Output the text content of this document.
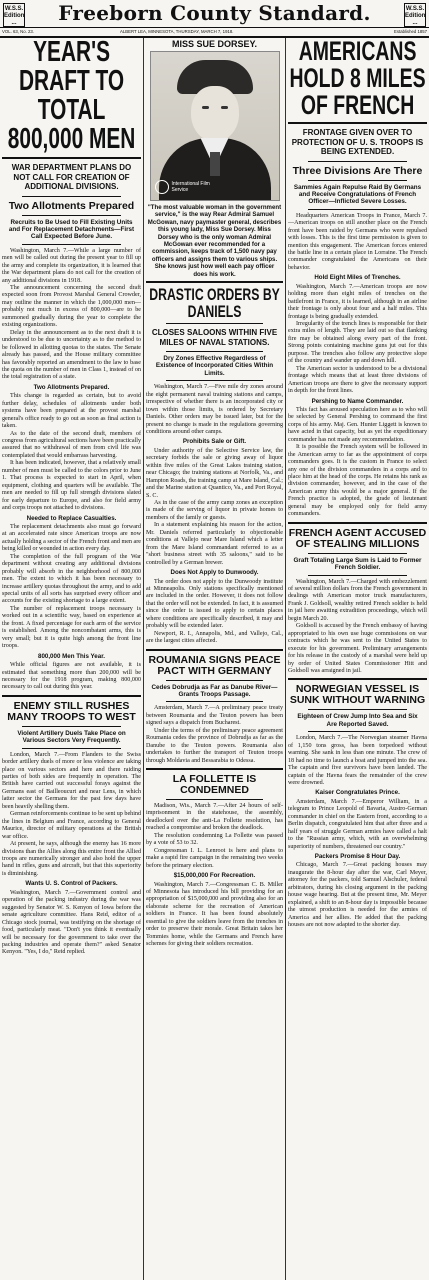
W.S.S.
Edition
...	Freeborn County Standard.	W.S.S.
Edition
...
VOL. 63, No. 23.	ALBERT LEA, MINNESOTA, THURSDAY, MARCH 7, 1918.	Established 1857
YEAR'S DRAFT TO TOTAL 800,000 MEN
WAR DEPARTMENT PLANS DO NOT CALL FOR CREATION OF ADDITIONAL DIVISIONS.
Two Allotments Prepared
Recruits to Be Used to Fill Existing Units and For Replacement Detachments—First Call Expected Before June.

Washington, March 7.—While a large number of men will be called out during the present year to fill up the army and complete its organization, it is learned that the War department plans do not call for the creation of any additional divisions in 1918.

The announcement concerning the second draft expected soon from Provost Marshal General Crowder, may outline the manner in which the 1,000,000 men—probably not much in excess of 800,000—are to be summoned gradually during the year to complete the existing organizations.

Delay in the announcement as to the next draft it is understood to be due to uncertainty as to the method to be followed in allotting quotas to the states. The Senate already has passed, and the House military committee has favorably reported an amendment to the law to base the quota on the number of men in Class 1, instead of on the total registration of a state.

Two Allotments Prepared.

This change is regarded as certain, but to avoid further delay, schedules of allotments under both systems have been prepared at the provost marshal general's office ready to go out as soon as final action is taken.

As to the date of the second draft, members of congress from agricultural sections have been practically assured that no withdrawal of men from civil life was contemplated that would embarrass harvesting.

It has been indicated, however, that a relatively small number of men must be called to the colors prior to June 1. That process is expected to start in April, when equipment, clothing and quarters will be available. The men are needed to fill up full strength divisions slated for early departure to Europe, and also for field army and corps troops not attached to divisions.

Needed to Replace Casualties.

The replacement detachments also must go forward at an accelerated rate since American troops are now actually holding a sector of the French front and men are being killed or wounded in action every day.

The completion of the full program of the War department without creating any additional divisions probably will absorb in the neighborhood of 800,000 men. The extent to which it has been necessary to increase artillery quotas throughout the army, and to add special units of all sorts has surprised every officer and accounts for the existing shortage to a large extent.

The number of replacement troops necessary is worked out in a scientific way, based on experience at the front. A fixed percentage for each arm of the service is established. Among the noncombatant arms, this is very small; but it is quite high among the front line troops.

800,000 Men This Year.

While official figures are not available, it is estimated that something more than 200,000 will be necessary for the 1918 program, making 800,000 necessary to call out during this year.

ENEMY STILL RUSHES MANY TROOPS TO WEST
Violent Artillery Duels Take Place on Various Sectors Very Frequently.

London, March 7.—From Flanders to the Swiss border artillery duels of more or less violence are taking place on various sectors and here and there raiding parties of both sides are frequently in operation. The British have carried out successful forays against the Germans east of Bailleoucurt and near Lens, in which latter sector the Germans for the past few days have been heavily shelling them.

German reinforcements continue to be sent up behind the lines in Belgium and France, according to General Maurice, director of military operations at the British war office.

At present, he says, although the enemy has 16 more divisions than the Allies along this entire front the Allied troops are numerically stronger and also hold the upper hand in rifles, guns and aircraft, but that this superiority is diminishing.

Wants U. S. Control of Packers.

Washington, March 7.—Government control and operation of the packing industry during the war was suggested by Senator W. S. Kenyon of Iowa before the senate agriculture committee. Hans Reid, editor of a Chicago stock journal, was testifying on the shortage of food, particularly meat. "Don't you think it eventually will be necessary for the government to take over the packing industries and operate them?" asked Senator Kenyon. "Yes, I do," Reid replied.

MISS SUE DORSEY.
International Film Service
"The most valuable woman in the government service," is the way Rear Admiral Samuel McGowan, navy paymaster general, describes this young lady, Miss Sue Dorsey. Miss Dorsey who is the only woman Admiral McGowan ever recommended for a commission, keeps track of 1,500 navy pay officers and assigns them to various ships. She knows just how well each pay officer does his work.
DRASTIC ORDERS BY DANIELS
CLOSES SALOONS WITHIN FIVE MILES OF NAVAL STATIONS.
Dry Zones Effective Regardless of Existence of Incorporated Cities Within Limits.

Washington, March 7.—Five mile dry zones around the eight permanent naval training stations and camps, irrespective of whether there is an incorporated city or town within those limits, is ordered by Secretary Daniels. Other orders may be issued later, but for the present no change is made in the regulations governing conditions around other camps.

Prohibits Sale or Gift.

Under authority of the Selective Service law, the secretary forbids the sale or giving away of liquor within five miles of the Great Lakes training station, near Chicago; the training stations at Norfolk, Va., and Hampton Roads, the training camp at Mare Island, Cal.; and the Marine station at Quantico, Va., and Port Royal, S. C.

As in the case of the army camp zones an exception is made of the serving of liquor in private homes to members of the family or guests.

In a statement explaining his reason for the action, Mr. Daniels referred particularly to objectionable conditions at Vallejo near Mare Island which a letter from the Mare Island commandant referred to as a "short business street with 35 saloons," said to be controlled by a German brewer.

Does Not Apply to Dunwoody.

The order does not apply to the Dunwoody institute at Minneapolis. Only stations specifically mentioned are included in the order. However, it does not follow that the order will not be extended. In fact, it is assumed since the order is issued to apply to certain places where conditions are specifically described, it may and probably will be extended later.

Newport, R. I., Annapolis, Md., and Vallejo, Cal., are the largest cities affected.

ROUMANIA SIGNS PEACE PACT WITH GERMANY
Cedes Dobrudja as Far as Danube River—Grants Troops Passage.

Amsterdam, March 7.—A preliminary peace treaty between Roumania and the Teuton powers has been signed says a dispatch from Bucharest.

Under the terms of the preliminary peace agreement Roumania cedes the province of Dobrudja as far as the Danube to the Teuton powers. Roumania also undertakes to further the transport of Teuton troops through Moldavia and Bessarabia to Odessa.

LA FOLLETTE IS CONDEMNED

Madison, Wis., March 7.—After 24 hours of self-imprisonment in the statehouse, the assembly, deadlocked over the anti-La Follette resolution, has reached a compromise and broken the deadlock.

The resolution condemning La Follette was passed by a vote of 53 to 32.

Congressman I. L. Lenroot is here and plans to make a rapid fire campaign in the remaining two weeks before the primary election.

$15,000,000 For Recreation.

Washington, March 7.—Congressman C. B. Miller of Minnesota has introduced his bill providing for an appropriation of $15,000,000 and providing also for an elaborate scheme for the recreation of American soldiers in France. It has been found absolutely essential to give the soldiers leave from the trenches in order to preserve their morale. Great Britain takes her Tommies home, while the Germans and French have schemes for giving their soldiers recreation.

AMERICANS HOLD 8 MILES OF FRENCH
FRONTAGE GIVEN OVER TO PROTECTION OF U. S. TROOPS IS BEING EXTENDED.
Three Divisions Are There
Sammies Again Repulse Raid By Germans and Receive Congratulations of French Officer—Inflicted Severe Losses.

Headquarters American Troops in France, March 7.—American troops on still another place on the French front have been raided by Germans who were repulsed with losses. This is the first time permission is given to mention this engagement. The American forces entered the battle line in a certain place in Lorraine. The French commander congratulated the Americans on their behavior.

Hold Eight Miles of Trenches.

Washington, March 7.—American troops are now holding more than eight miles of trenches on the battlefront in France, it is learned, although in an airline their frontage is only about four and a half miles. This frontage is being gradually extended.

Irregularity of the trench lines is responsible for their extra miles of length. They are laid out so that flanking fire may be obtained along every part of the front. Strong points containing machine guns jut out for this purpose. The trenches also follow any protective slope of the country and wander up and down hill.

The American sector is understood to be a divisional frontage which means that at least three divisions of American troops are there to give the necessary support in depth for the front lines.

Pershing to Name Commander.

This fact has aroused speculation here as to who will be selected by General Pershing to command the first corps of his army. Maj. Gen. Hunter Liggett is known to have acted in that capacity, but as yet the expeditionary commander has not made any recommendation.

It is possible the French system will be followed in the American army to far as the appointment of corps commanders goes. It is the custom in France to select any one of the division commanders in a corps and to place him at the head of the corps. He retains his rank as division commander, however, and in the case of the American army this would be a major general. If the French practice is adopted, the grade of lieutenant general may be employed only for field army commanders.

FRENCH AGENT ACCUSED OF STEALING MILLIONS
Graft Totaling Large Sum is Laid to Former French Soldier.

Washington, March 7.—Charged with embezzlement of several million dollars from the French government in dealings with American motor truck manufacturers, Frank J. Goldsoll, wealthy retired French soldier is held in jail here awaiting extradition proceedings, which will begin March 20.

Goldsoll is accused by the French embassy of having appropriated to his own use huge commissions on war contracts which he was sent to the United States to execute for his government. Preliminary arrangements for his release in the custody of a marshal were held up by order of United States Commissioner Hitt and Goldsoll was arraigned in jail.

NORWEGIAN VESSEL IS SUNK WITHOUT WARNING
Eighteen of Crew Jump Into Sea and Six Are Reported Saved.

London, March 7.—The Norwegian steamer Havna of 1,150 tons gross, has been torpedoed without warning. She sank in less than one minute. The crew of 18 had no time to launch a boat and jumped into the sea. The captain and five survivors have been landed. The captain of the Havna fears the remainder of the crew were drowned.

Kaiser Congratulates Prince.

Amsterdam, March 7.—Emperor William, in a telegram to Prince Leopold of Bavaria, Austro-German commander in chief on the Eastern front, according to a Berlin dispatch, congratulated him that after three and a half years of struggle German armies have called a halt to the "Russian army, which, with an overwhelming superiority of numbers, threatened our country."

Packers Promise 8 Hour Day.

Chicago, March 7.—Great packing houses may inaugurate the 8-hour day after the war, Carl Meyer, attorney for the packers, told Samuel Alschuler, federal arbitrators, during his closing argument in the packing house wage hearing. But at the present time, Mr. Meyer explained, a shift to an 8-hour day is impossible because the utmost production is needed for the armies of America and her allies. He added that the packing houses are not now adapted to the shorter day.
